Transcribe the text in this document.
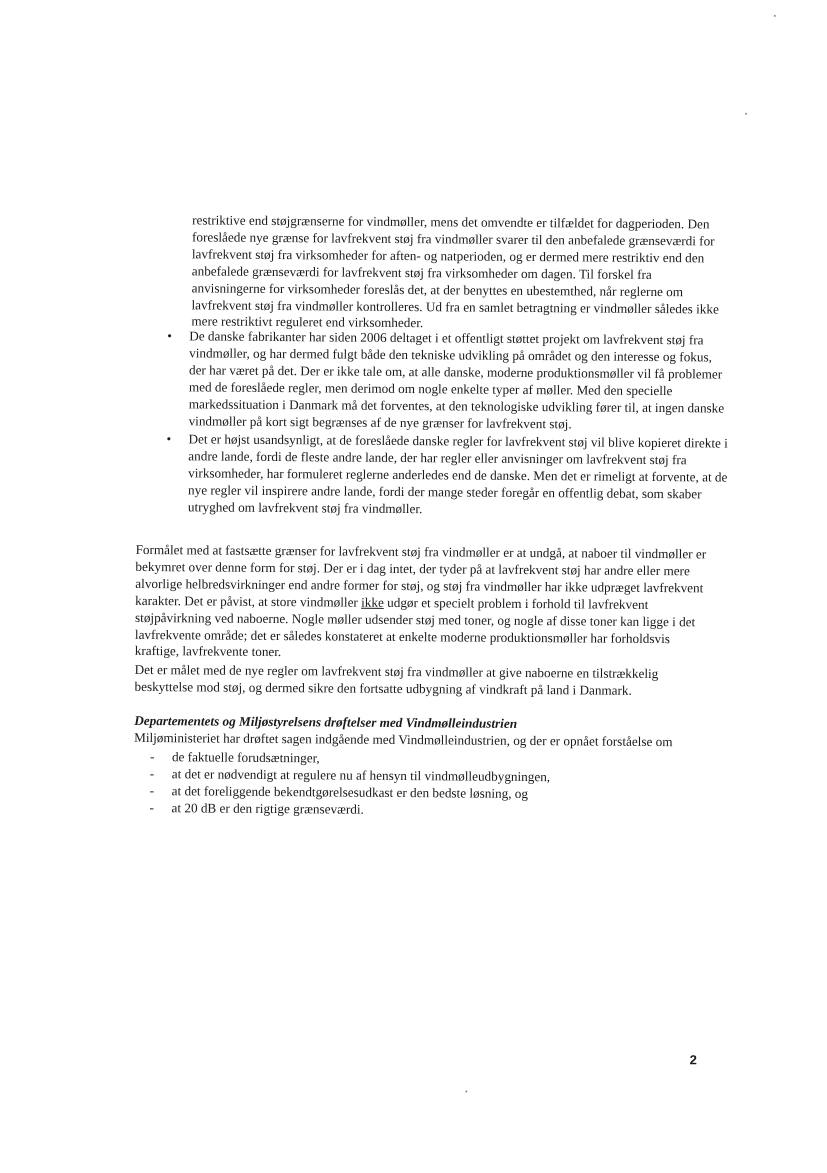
restriktive end støjgrænserne for vindmøller, mens det omvendte er tilfældet for dagperioden. Den foreslåede nye grænse for lavfrekvent støj fra vindmøller svarer til den anbefalede grænseværdi for lavfrekvent støj fra virksomheder for aften- og natperioden, og er dermed mere restriktiv end den anbefalede grænseværdi for lavfrekvent støj fra virksomheder om dagen. Til forskel fra anvisningerne for virksomheder foreslås det, at der benyttes en ubestemthed, når reglerne om lavfrekvent støj fra vindmøller kontrolleres. Ud fra en samlet betragtning er vindmøller således ikke mere restriktivt reguleret end virksomheder.

• De danske fabrikanter har siden 2006 deltaget i et offentligt støttet projekt om lavfrekvent støj fra vindmøller, og har dermed fulgt både den tekniske udvikling på området og den interesse og fokus, der har været på det. Der er ikke tale om, at alle danske, moderne produktionsmøller vil få problemer med de foreslåede regler, men derimod om nogle enkelte typer af møller. Med den specielle markedssituation i Danmark må det forventes, at den teknologiske udvikling fører til, at ingen danske vindmøller på kort sigt begrænses af de nye grænser for lavfrekvent støj.
• Det er højst usandsynligt, at de foreslåede danske regler for lavfrekvent støj vil blive kopieret direkte i andre lande, fordi de fleste andre lande, der har regler eller anvisninger om lavfrekvent støj fra virksomheder, har formuleret reglerne anderledes end de danske. Men det er rimeligt at forvente, at de nye regler vil inspirere andre lande, fordi der mange steder foregår en offentlig debat, som skaber utryghed om lavfrekvent støj fra vindmøller.

Formålet med at fastsætte grænser for lavfrekvent støj fra vindmøller er at undgå, at naboer til vindmøller er bekymret over denne form for støj. Der er i dag intet, der tyder på at lavfrekvent støj har andre eller mere alvorlige helbredsvirkninger end andre former for støj, og støj fra vindmøller har ikke udpræget lavfrekvent karakter. Det er påvist, at store vindmøller ikke udgør et specielt problem i forhold til lavfrekvent støjpåvirkning ved naboerne. Nogle møller udsender støj med toner, og nogle af disse toner kan ligge i det lavfrekvente område; det er således konstateret at enkelte moderne produktionsmøller har forholdsvis kraftige, lavfrekvente toner.

Det er målet med de nye regler om lavfrekvent støj fra vindmøller at give naboerne en tilstrækkelig beskyttelse mod støj, og dermed sikre den fortsatte udbygning af vindkraft på land i Danmark.

Departementets og Miljøstyrelsens drøftelser med Vindmølleindustrien

Miljøministeriet har drøftet sagen indgående med Vindmølleindustrien, og der er opnået forståelse om

- de faktuelle forudsætninger,
- at det er nødvendigt at regulere nu af hensyn til vindmølleudbygningen,
- at det foreliggende bekendtgørelsesudkast er den bedste løsning, og
- at 20 dB er den rigtige grænseværdi.
2
